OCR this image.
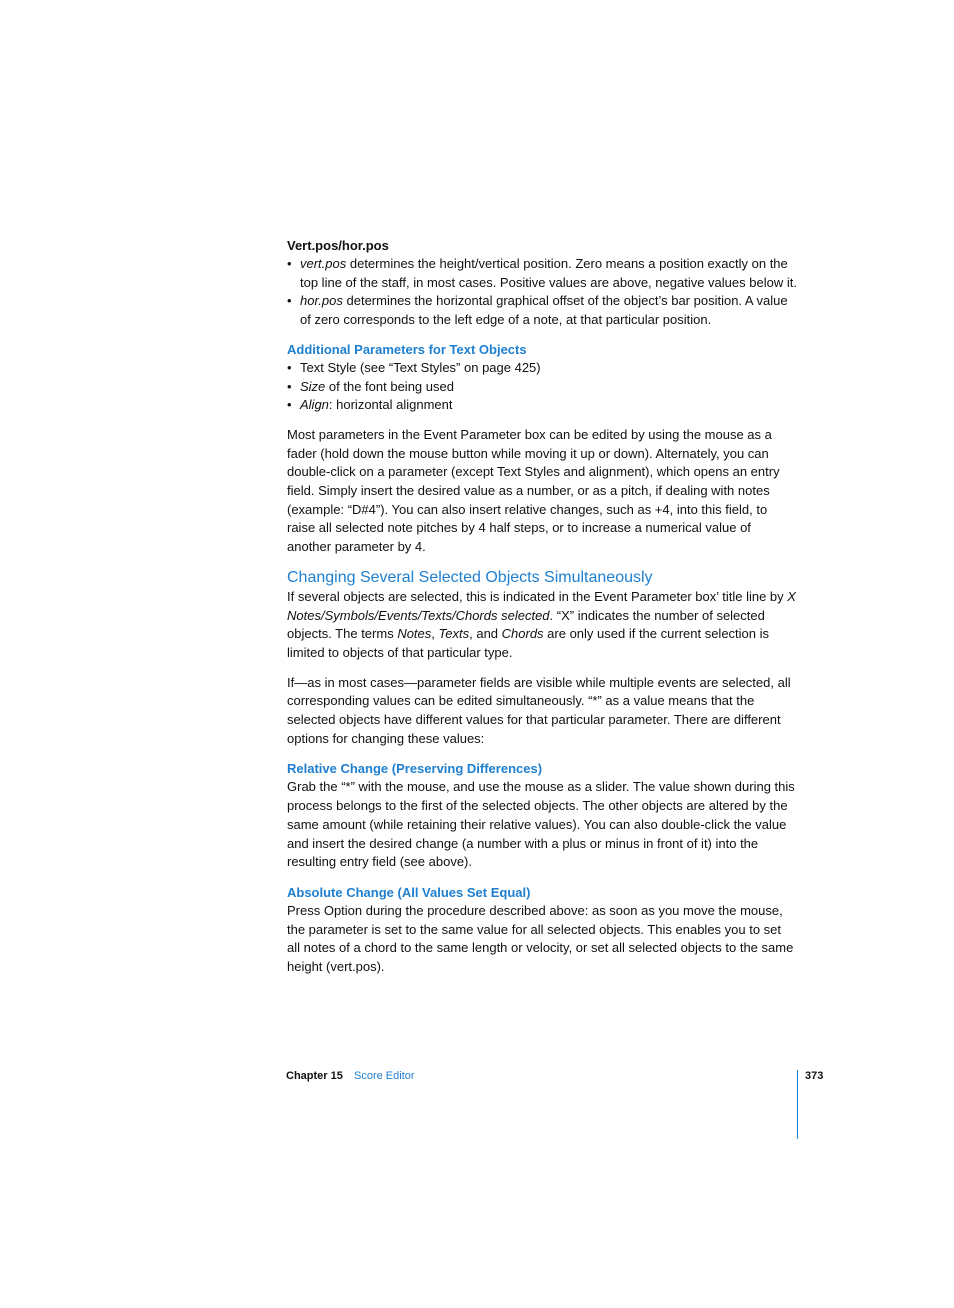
Vert.pos/hor.pos

• vert.pos determines the height/vertical position. Zero means a position exactly on the top line of the staff, in most cases. Positive values are above, negative values below it.
• hor.pos determines the horizontal graphical offset of the object’s bar position. A value of zero corresponds to the left edge of a note, at that particular position.

Additional Parameters for Text Objects

• Text Style (see “Text Styles” on page 425)
• Size of the font being used
• Align: horizontal alignment

Most parameters in the Event Parameter box can be edited by using the mouse as a fader (hold down the mouse button while moving it up or down). Alternately, you can double-click on a parameter (except Text Styles and alignment), which opens an entry field. Simply insert the desired value as a number, or as a pitch, if dealing with notes (example: “D#4”). You can also insert relative changes, such as +4, into this field, to raise all selected note pitches by 4 half steps, or to increase a numerical value of another parameter by 4.

Changing Several Selected Objects Simultaneously

If several objects are selected, this is indicated in the Event Parameter box’ title line by X Notes/Symbols/Events/Texts/Chords selected. “X” indicates the number of selected objects. The terms Notes, Texts, and Chords are only used if the current selection is limited to objects of that particular type.

If—as in most cases—parameter fields are visible while multiple events are selected, all corresponding values can be edited simultaneously. “*” as a value means that the selected objects have different values for that particular parameter. There are different options for changing these values:

Relative Change (Preserving Differences)

Grab the “*” with the mouse, and use the mouse as a slider. The value shown during this process belongs to the first of the selected objects. The other objects are altered by the same amount (while retaining their relative values). You can also double-click the value and insert the desired change (a number with a plus or minus in front of it) into the resulting entry field (see above).

Absolute Change (All Values Set Equal)

Press Option during the procedure described above: as soon as you move the mouse, the parameter is set to the same value for all selected objects. This enables you to set all notes of a chord to the same length or velocity, or set all selected objects to the same height (vert.pos).

Chapter 15 Score Editor	373
